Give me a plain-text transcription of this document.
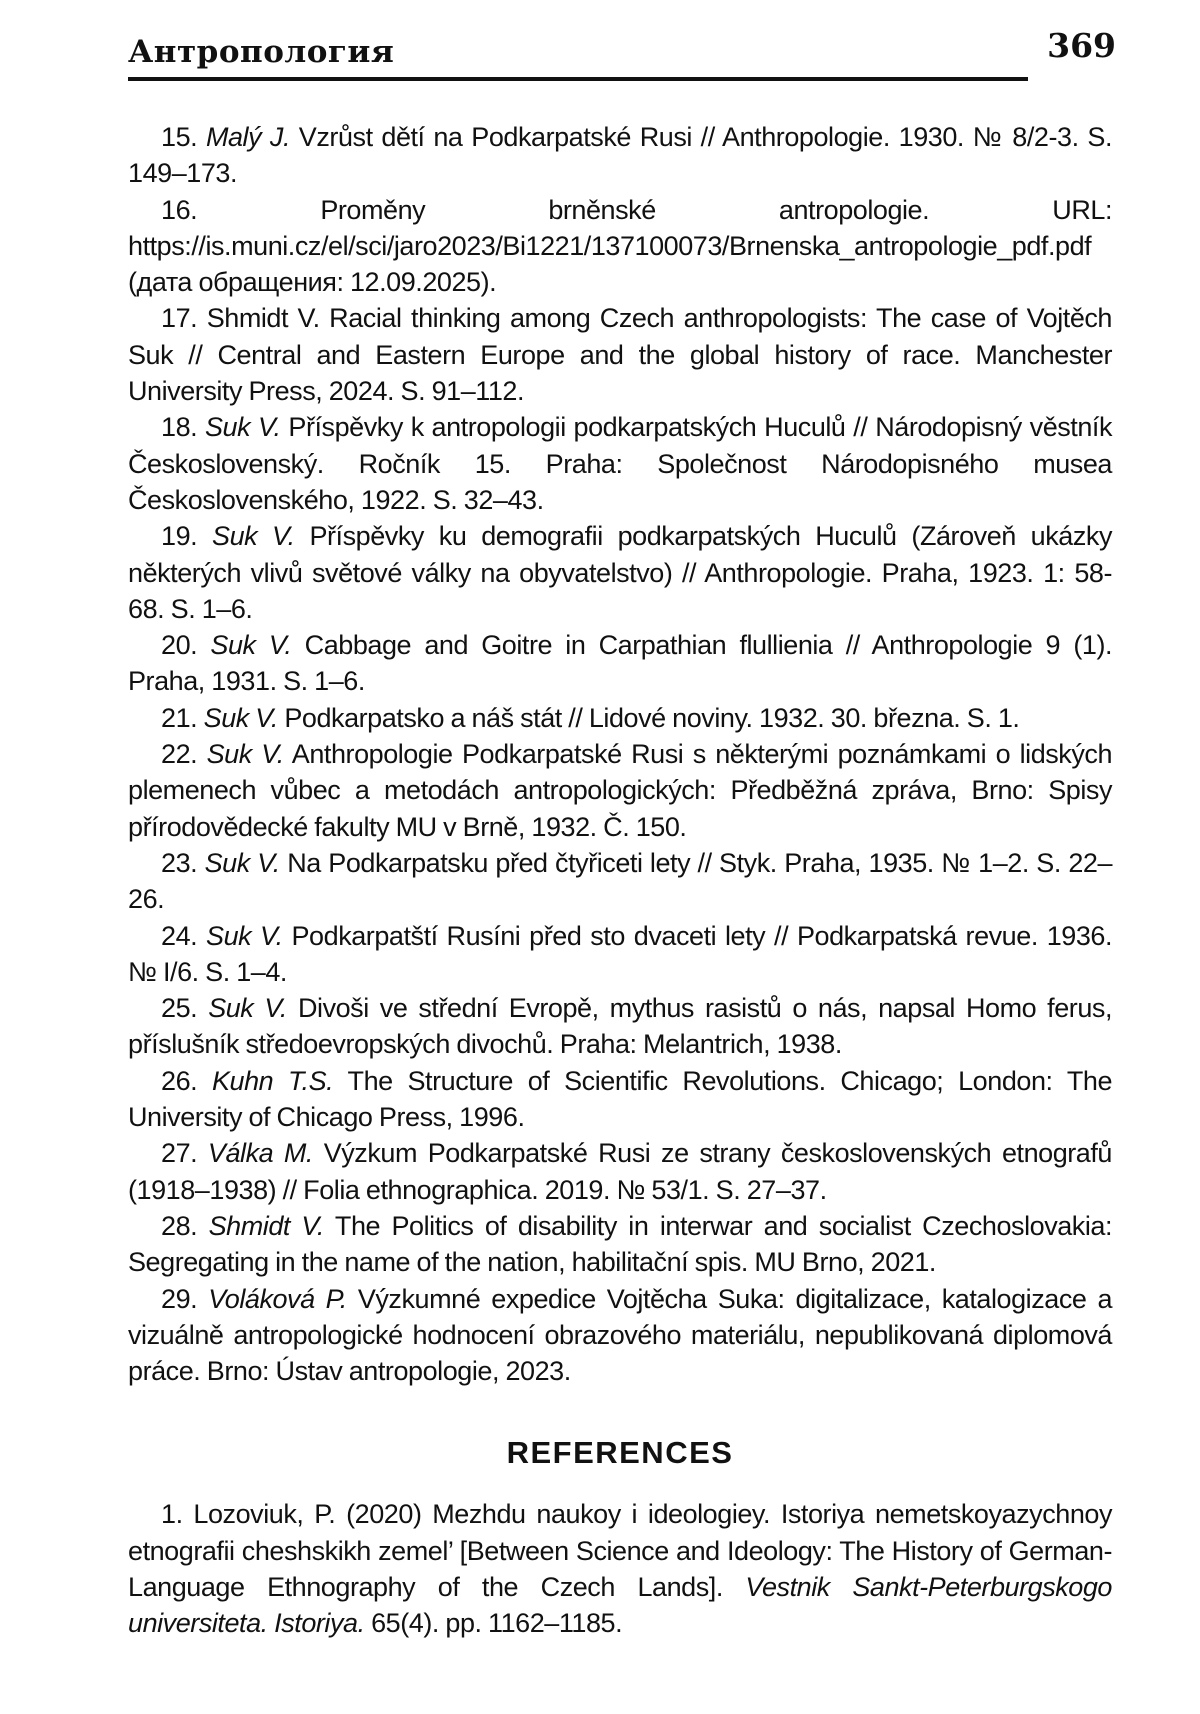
Антропология	369

15. Malý J. Vzrůst dětí na Podkarpatské Rusi // Anthropologie. 1930. № 8/2-3. S. 149–173.

16.	Proměny brněnské antropologie. URL: https://is.muni.cz/el/sci/jaro2023/Bi1221/137100073/Brnenska_antropologie_pdf.pdf (дата обращения: 12.09.2025).

17. Shmidt V. Racial thinking among Czech anthropologists: The case of Vojtěch Suk // Central and Eastern Europe and the global history of race. Manchester University Press, 2024. S. 91–112.

18. Suk V. Příspěvky k antropologii podkarpatských Huculů // Národopisný věstník Československý. Ročník 15. Praha: Společnost Národopisného musea Československého, 1922. S. 32–43.

19. Suk V. Příspěvky ku demografii podkarpatských Huculů (Zároveň ukázky některých vlivů světové války na obyvatelstvo) // Anthropologie. Praha, 1923. 1: 58-68. S. 1–6.

20. Suk V. Cabbage and Goitre in Carpathian flullienia // Anthropologie 9 (1). Praha, 1931. S. 1–6.

21. Suk V. Podkarpatsko a náš stát // Lidové noviny. 1932. 30. března. S. 1.

22. Suk V. Anthropologie Podkarpatské Rusi s některými poznámkami o lidských plemenech vůbec a metodách antropologických: Předběžná zpráva, Brno: Spisy přírodovědecké fakulty MU v Brně, 1932. Č. 150.

23. Suk V. Na Podkarpatsku před čtyřiceti lety // Styk. Praha, 1935. № 1–2. S. 22–26.

24. Suk V. Podkarpatští Rusíni před sto dvaceti lety // Podkarpatská revue. 1936. № I/6. S. 1–4.

25. Suk V. Divoši ve střední Evropě, mythus rasistů o nás, napsal Homo ferus, příslušník středoevropských divochů. Praha: Melantrich, 1938.

26. Kuhn T.S. The Structure of Scientific Revolutions. Chicago; London: The University of Chicago Press, 1996.

27. Válka M. Výzkum Podkarpatské Rusi ze strany československých etnografů (1918–1938) // Folia ethnographica. 2019. № 53/1. S. 27–37.

28. Shmidt V. The Politics of disability in interwar and socialist Czechoslovakia: Segregating in the name of the nation, habilitační spis. MU Brno, 2021.

29. Voláková P. Výzkumné expedice Vojtěcha Suka: digitalizace, katalogizace a vizuálně antropologické hodnocení obrazového materiálu, nepublikovaná diplomová práce. Brno: Ústav antropologie, 2023.

REFERENCES

1. Lozoviuk, P. (2020) Mezhdu naukoy i ideologiey. Istoriya nemetskoyazychnoy etnografii cheshskikh zemel’ [Between Science and Ideology: The History of German-Language Ethnography of the Czech Lands]. Vestnik Sankt-Peterburgskogo universiteta. Istoriya. 65(4). pp. 1162–1185.
